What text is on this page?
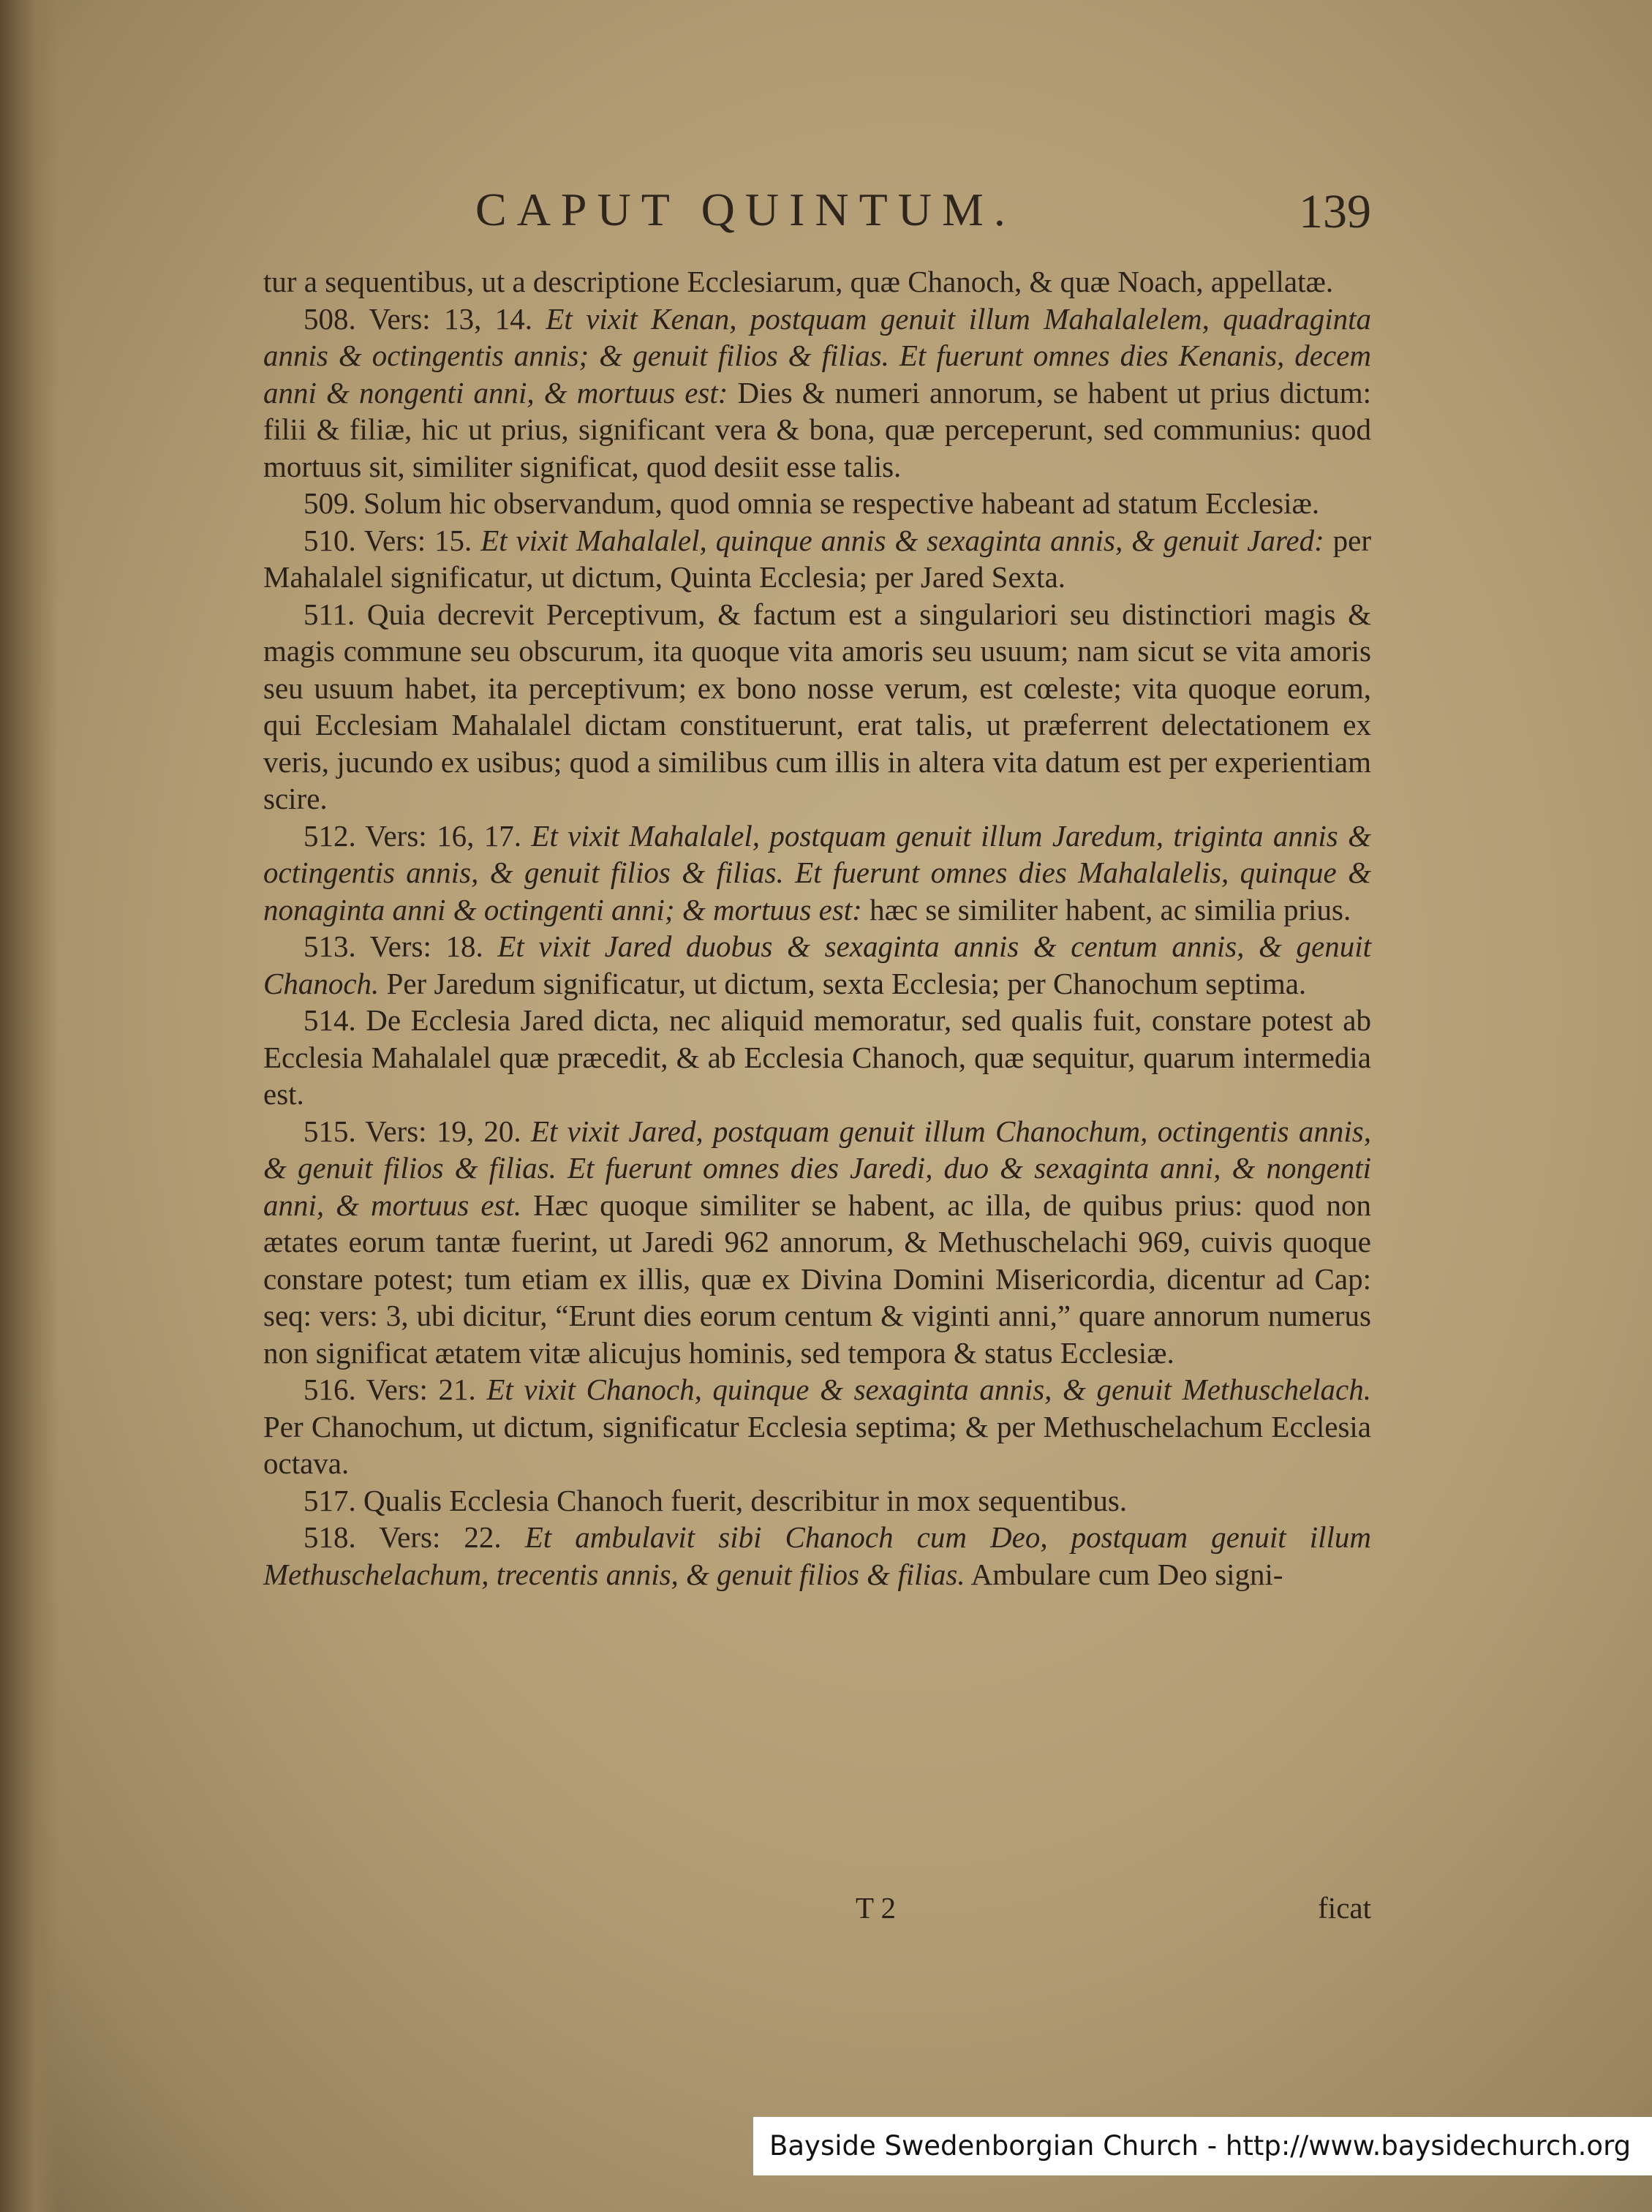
CAPUT QUINTUM.	139

tur a sequentibus, ut a descriptione Ecclesiarum, quæ Chanoch, & quæ Noach, appellatæ.

508. Vers: 13, 14. Et vixit Kenan, postquam genuit illum Mahalalelem, quadraginta annis & octingentis annis; & genuit filios & filias. Et fuerunt omnes dies Kenanis, decem anni & nongenti anni, & mortuus est: Dies & numeri annorum, se habent ut prius dictum: filii & filiæ, hic ut prius, significant vera & bona, quæ perceperunt, sed communius: quod mortuus sit, similiter significat, quod desiit esse talis.

509. Solum hic observandum, quod omnia se respective habeant ad statum Ecclesiæ.

510. Vers: 15. Et vixit Mahalalel, quinque annis & sexaginta annis, & genuit Jared: per Mahalalel significatur, ut dictum, Quinta Ecclesia; per Jared Sexta.

511. Quia decrevit Perceptivum, & factum est a singulariori seu distinctiori magis & magis commune seu obscurum, ita quoque vita amoris seu usuum; nam sicut se vita amoris seu usuum habet, ita perceptivum; ex bono nosse verum, est cœleste; vita quoque eorum, qui Ecclesiam Mahalalel dictam constituerunt, erat talis, ut præferrent delectationem ex veris, jucundo ex usibus; quod a similibus cum illis in altera vita datum est per experientiam scire.

512. Vers: 16, 17. Et vixit Mahalalel, postquam genuit illum Jaredum, triginta annis & octingentis annis, & genuit filios & filias. Et fuerunt omnes dies Mahalalelis, quinque & nonaginta anni & octingenti anni; & mortuus est: hæc se similiter habent, ac similia prius.

513. Vers: 18. Et vixit Jared duobus & sexaginta annis & centum annis, & genuit Chanoch. Per Jaredum significatur, ut dictum, sexta Ecclesia; per Chanochum septima.

514. De Ecclesia Jared dicta, nec aliquid memoratur, sed qualis fuit, constare potest ab Ecclesia Mahalalel quæ præcedit, & ab Ecclesia Chanoch, quæ sequitur, quarum intermedia est.

515. Vers: 19, 20. Et vixit Jared, postquam genuit illum Chanochum, octingentis annis, & genuit filios & filias. Et fuerunt omnes dies Jaredi, duo & sexaginta anni, & nongenti anni, & mortuus est. Hæc quoque similiter se habent, ac illa, de quibus prius: quod non ætates eorum tantæ fuerint, ut Jaredi 962 annorum, & Methuschelachi 969, cuivis quoque constare potest; tum etiam ex illis, quæ ex Divina Domini Misericordia, dicentur ad Cap: seq: vers: 3, ubi dicitur, “Erunt dies eorum centum & viginti anni,” quare annorum numerus non significat ætatem vitæ alicujus hominis, sed tempora & status Ecclesiæ.

516. Vers: 21. Et vixit Chanoch, quinque & sexaginta annis, & genuit Methuschelach. Per Chanochum, ut dictum, significatur Ecclesia septima; & per Methuschelachum Ecclesia octava.

517. Qualis Ecclesia Chanoch fuerit, describitur in mox sequentibus.

518. Vers: 22. Et ambulavit sibi Chanoch cum Deo, postquam genuit illum Methuschelachum, trecentis annis, & genuit filios & filias. Ambulare cum Deo signi-

T 2	ficat
Bayside Swedenborgian Church - http://www.baysidechurch.org
